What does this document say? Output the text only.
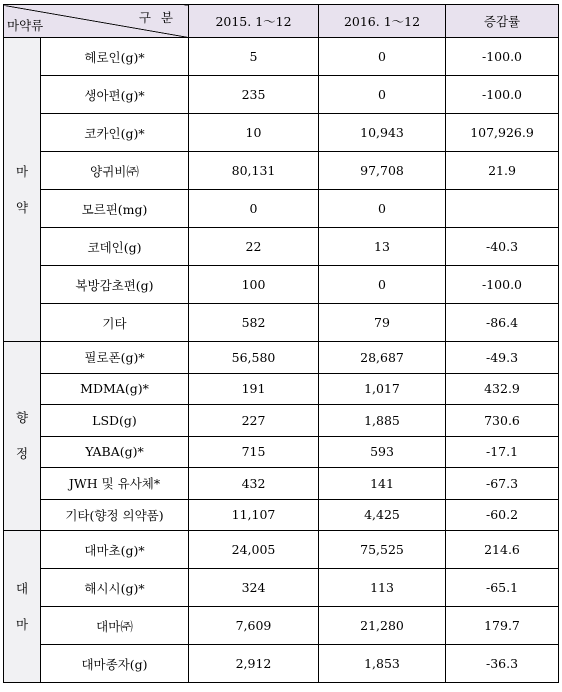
구 분
마약류		2015. 1～12	2016. 1～12	증감률

마
약	헤로인(g)*	5	0	-100.0
	생아편(g)*	235	0	-100.0
	코카인(g)*	10	10,943	107,926.9
	양귀비㈜	80,131	97,708	21.9
	모르핀(mg)	0	0	
	코데인(g)	22	13	-40.3
	복방감초편(g)	100	0	-100.0
	기타	582	79	-86.4

향
정	필로폰(g)*	56,580	28,687	-49.3
	MDMA(g)*	191	1,017	432.9
	LSD(g)	227	1,885	730.6
	YABA(g)*	715	593	-17.1
	JWH 및 유사체*	432	141	-67.3
	기타(향정 의약품)	11,107	4,425	-60.2

대
마	대마초(g)*	24,005	75,525	214.6
	해시시(g)*	324	113	-65.1
	대마㈜	7,609	21,280	179.7
	대마종자(g)	2,912	1,853	-36.3
